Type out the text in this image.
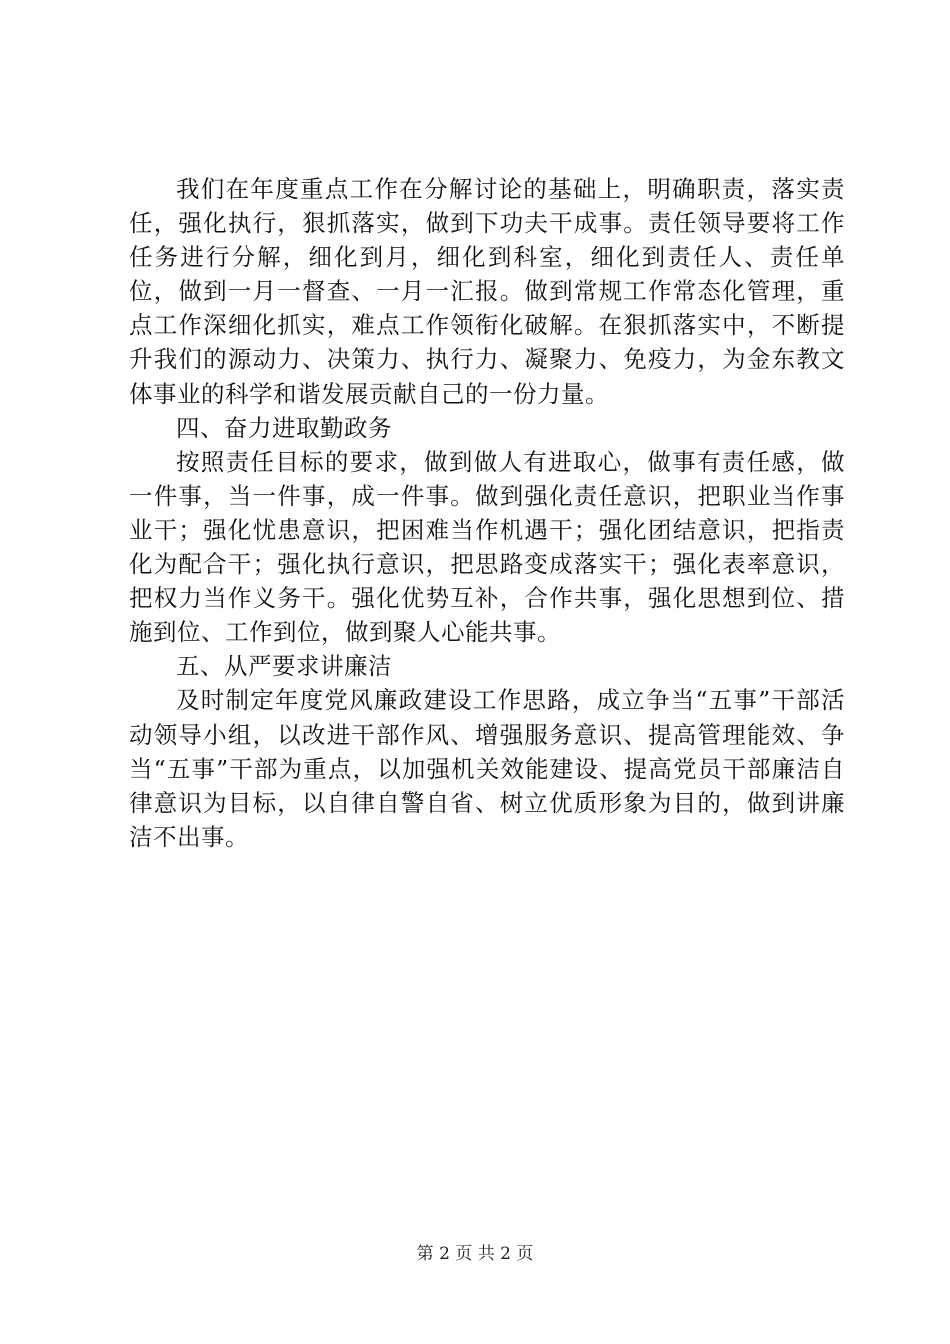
我们在年度重点工作在分解讨论的基础上，明确职责，落实责任，强化执行，狠抓落实，做到下功夫干成事。责任领导要将工作任务进行分解，细化到月，细化到科室，细化到责任人、责任单位，做到一月一督查、一月一汇报。做到常规工作常态化管理，重点工作深细化抓实，难点工作领衔化破解。在狠抓落实中，不断提升我们的源动力、决策力、执行力、凝聚力、免疫力，为金东教文体事业的科学和谐发展贡献自己的一份力量。

四、奋力进取勤政务

按照责任目标的要求，做到做人有进取心，做事有责任感，做一件事，当一件事，成一件事。做到强化责任意识，把职业当作事业干；强化忧患意识，把困难当作机遇干；强化团结意识，把指责化为配合干；强化执行意识，把思路变成落实干；强化表率意识，把权力当作义务干。强化优势互补，合作共事，强化思想到位、措施到位、工作到位，做到聚人心能共事。

五、从严要求讲廉洁

及时制定年度党风廉政建设工作思路，成立争当“五事”干部活动领导小组，以改进干部作风、增强服务意识、提高管理能效、争当“五事”干部为重点，以加强机关效能建设、提高党员干部廉洁自律意识为目标，以自律自警自省、树立优质形象为目的，做到讲廉洁不出事。

第 2 页 共 2 页
